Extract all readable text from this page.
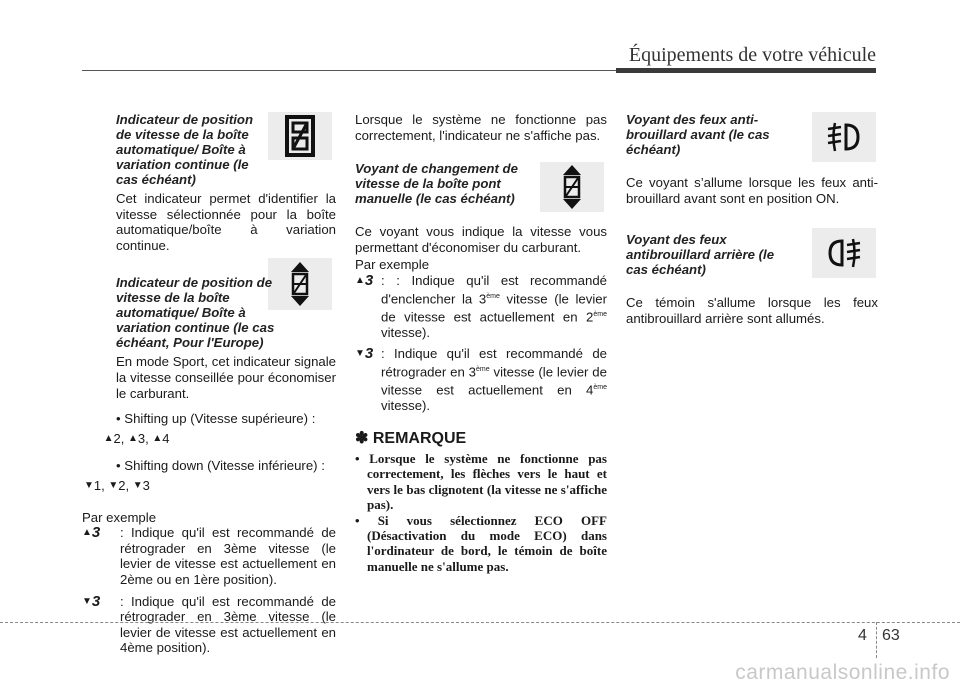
Équipements de votre véhicule

Indicateur de position de vitesse de la boîte automatique/ Boîte à variation continue (le cas échéant)

Cet indicateur permet d'identifier la vitesse sélectionnée pour la boîte automatique/boîte à variation continue.

Indicateur de position de vitesse de la boîte automatique/ Boîte à variation continue (le cas échéant, Pour l'Europe)

En mode Sport, cet indicateur signale la vitesse conseillée pour économiser le carburant.

• Shifting up (Vitesse supérieure) :

▲2, ▲3, ▲4

• Shifting down (Vitesse inférieure) :

▼1, ▼2, ▼3

Par exemple

▲3	: Indique qu'il est recommandé de rétrograder en 3ème vitesse (le levier de vitesse est actuellement en 2ème ou en 1ère position).
▼3	: Indique qu'il est recommandé de rétrograder en 3ème vitesse (le levier de vitesse est actuellement en 4ème position).

Lorsque le système ne fonctionne pas correctement, l'indicateur ne s'affiche pas.

Voyant de changement de vitesse de la boîte pont manuelle (le cas échéant)

Ce voyant vous indique la vitesse vous permettant d'économiser du carburant.

Par exemple

▲3 : : Indique qu'il est recommandé d'enclencher la 3ème vitesse (le levier de vitesse est actuellement en 2ème vitesse).
▼3 : Indique qu'il est recommandé de rétrograder en 3ème vitesse (le levier de vitesse est actuellement en 4ème vitesse).

✽ REMARQUE

• Lorsque le système ne fonctionne pas correctement, les flèches vers le haut et vers le bas clignotent (la vitesse ne s'affiche pas).

• Si vous sélectionnez ECO OFF (Désactivation du mode ECO) dans l'ordinateur de bord, le témoin de boîte manuelle ne s'allume pas.

Voyant des feux anti-brouillard avant (le cas échéant)

Ce voyant s’allume lorsque les feux anti-brouillard avant sont en position ON.

Voyant des feux antibrouillard arrière (le cas échéant)

Ce témoin s'allume lorsque les feux antibrouillard arrière sont allumés.

4 63
carmanualsonline.info
